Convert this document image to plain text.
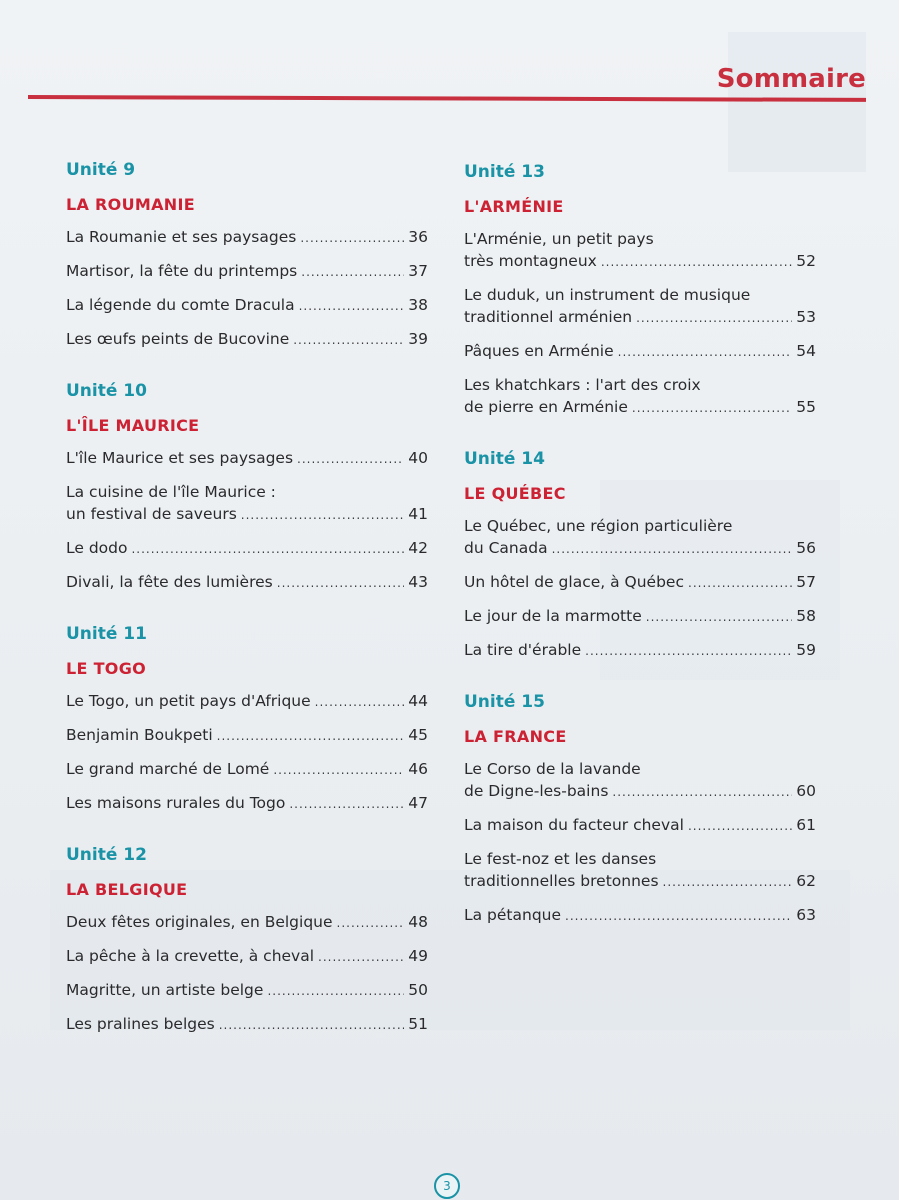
Sommaire
Unité 9
LA ROUMANIE
La Roumanie et ses paysages .....	36
Martisor, la fête du printemps .....	37
La légende du comte Dracula .....	38
Les œufs peints de Bucovine .....	39
Unité 10
L'ÎLE MAURICE
L'île Maurice et ses paysages .....	40
La cuisine de l'île Maurice :
un festival de saveurs .....	41
Le dodo .....	42
Divali, la fête des lumières .....	43
Unité 11
LE TOGO
Le Togo, un petit pays d'Afrique .....	44
Benjamin Boukpeti .....	45
Le grand marché de Lomé .....	46
Les maisons rurales du Togo .....	47
Unité 12
LA BELGIQUE
Deux fêtes originales, en Belgique .....	48
La pêche à la crevette, à cheval .....	49
Magritte, un artiste belge .....	50
Les pralines belges .....	51
Unité 13
L'ARMÉNIE
L'Arménie, un petit pays
très montagneux .....	52
Le duduk, un instrument de musique
traditionnel arménien .....	53
Pâques en Arménie .....	54
Les khatchkars : l'art des croix
de pierre en Arménie .....	55
Unité 14
LE QUÉBEC
Le Québec, une région particulière
du Canada .....	56
Un hôtel de glace, à Québec .....	57
Le jour de la marmotte .....	58
La tire d'érable .....	59
Unité 15
LA FRANCE
Le Corso de la lavande
de Digne-les-bains .....	60
La maison du facteur cheval .....	61
Le fest-noz et les danses
traditionnelles bretonnes .....	62
La pétanque .....	63
3
